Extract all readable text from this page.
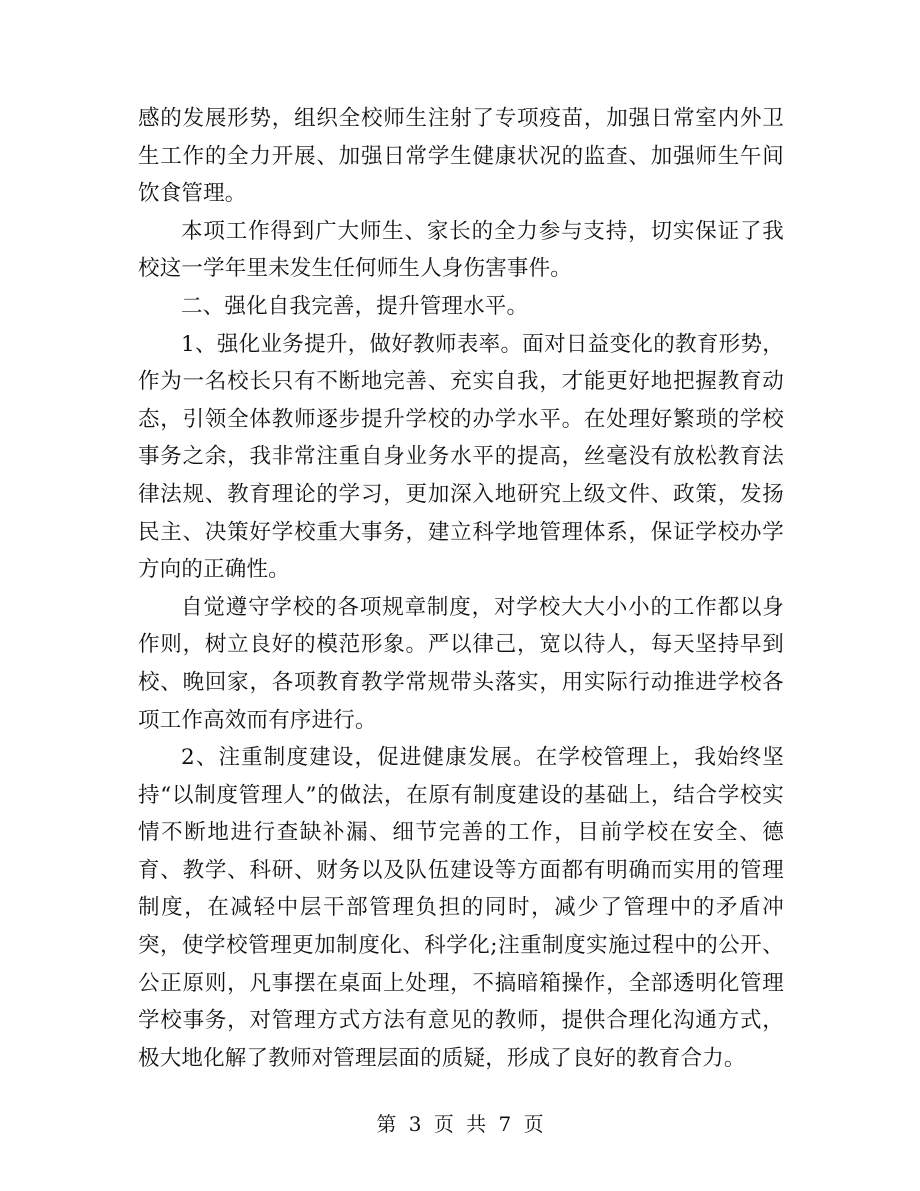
感的发展形势，组织全校师生注射了专项疫苗，加强日常室内外卫生工作的全力开展、加强日常学生健康状况的监查、加强师生午间饮食管理。

本项工作得到广大师生、家长的全力参与支持，切实保证了我校这一学年里未发生任何师生人身伤害事件。

二、强化自我完善，提升管理水平。

1、强化业务提升，做好教师表率。面对日益变化的教育形势，作为一名校长只有不断地完善、充实自我，才能更好地把握教育动态，引领全体教师逐步提升学校的办学水平。在处理好繁琐的学校事务之余，我非常注重自身业务水平的提高，丝毫没有放松教育法律法规、教育理论的学习，更加深入地研究上级文件、政策，发扬民主、决策好学校重大事务，建立科学地管理体系，保证学校办学方向的正确性。

自觉遵守学校的各项规章制度，对学校大大小小的工作都以身作则，树立良好的模范形象。严以律己，宽以待人，每天坚持早到校、晚回家，各项教育教学常规带头落实，用实际行动推进学校各项工作高效而有序进行。

2、注重制度建设，促进健康发展。在学校管理上，我始终坚持“以制度管理人”的做法，在原有制度建设的基础上，结合学校实情不断地进行查缺补漏、细节完善的工作，目前学校在安全、德育、教学、科研、财务以及队伍建设等方面都有明确而实用的管理制度，在减轻中层干部管理负担的同时，减少了管理中的矛盾冲突，使学校管理更加制度化、科学化;注重制度实施过程中的公开、公正原则，凡事摆在桌面上处理，不搞暗箱操作，全部透明化管理学校事务，对管理方式方法有意见的教师，提供合理化沟通方式，极大地化解了教师对管理层面的质疑，形成了良好的教育合力。

第 3 页 共 7 页
